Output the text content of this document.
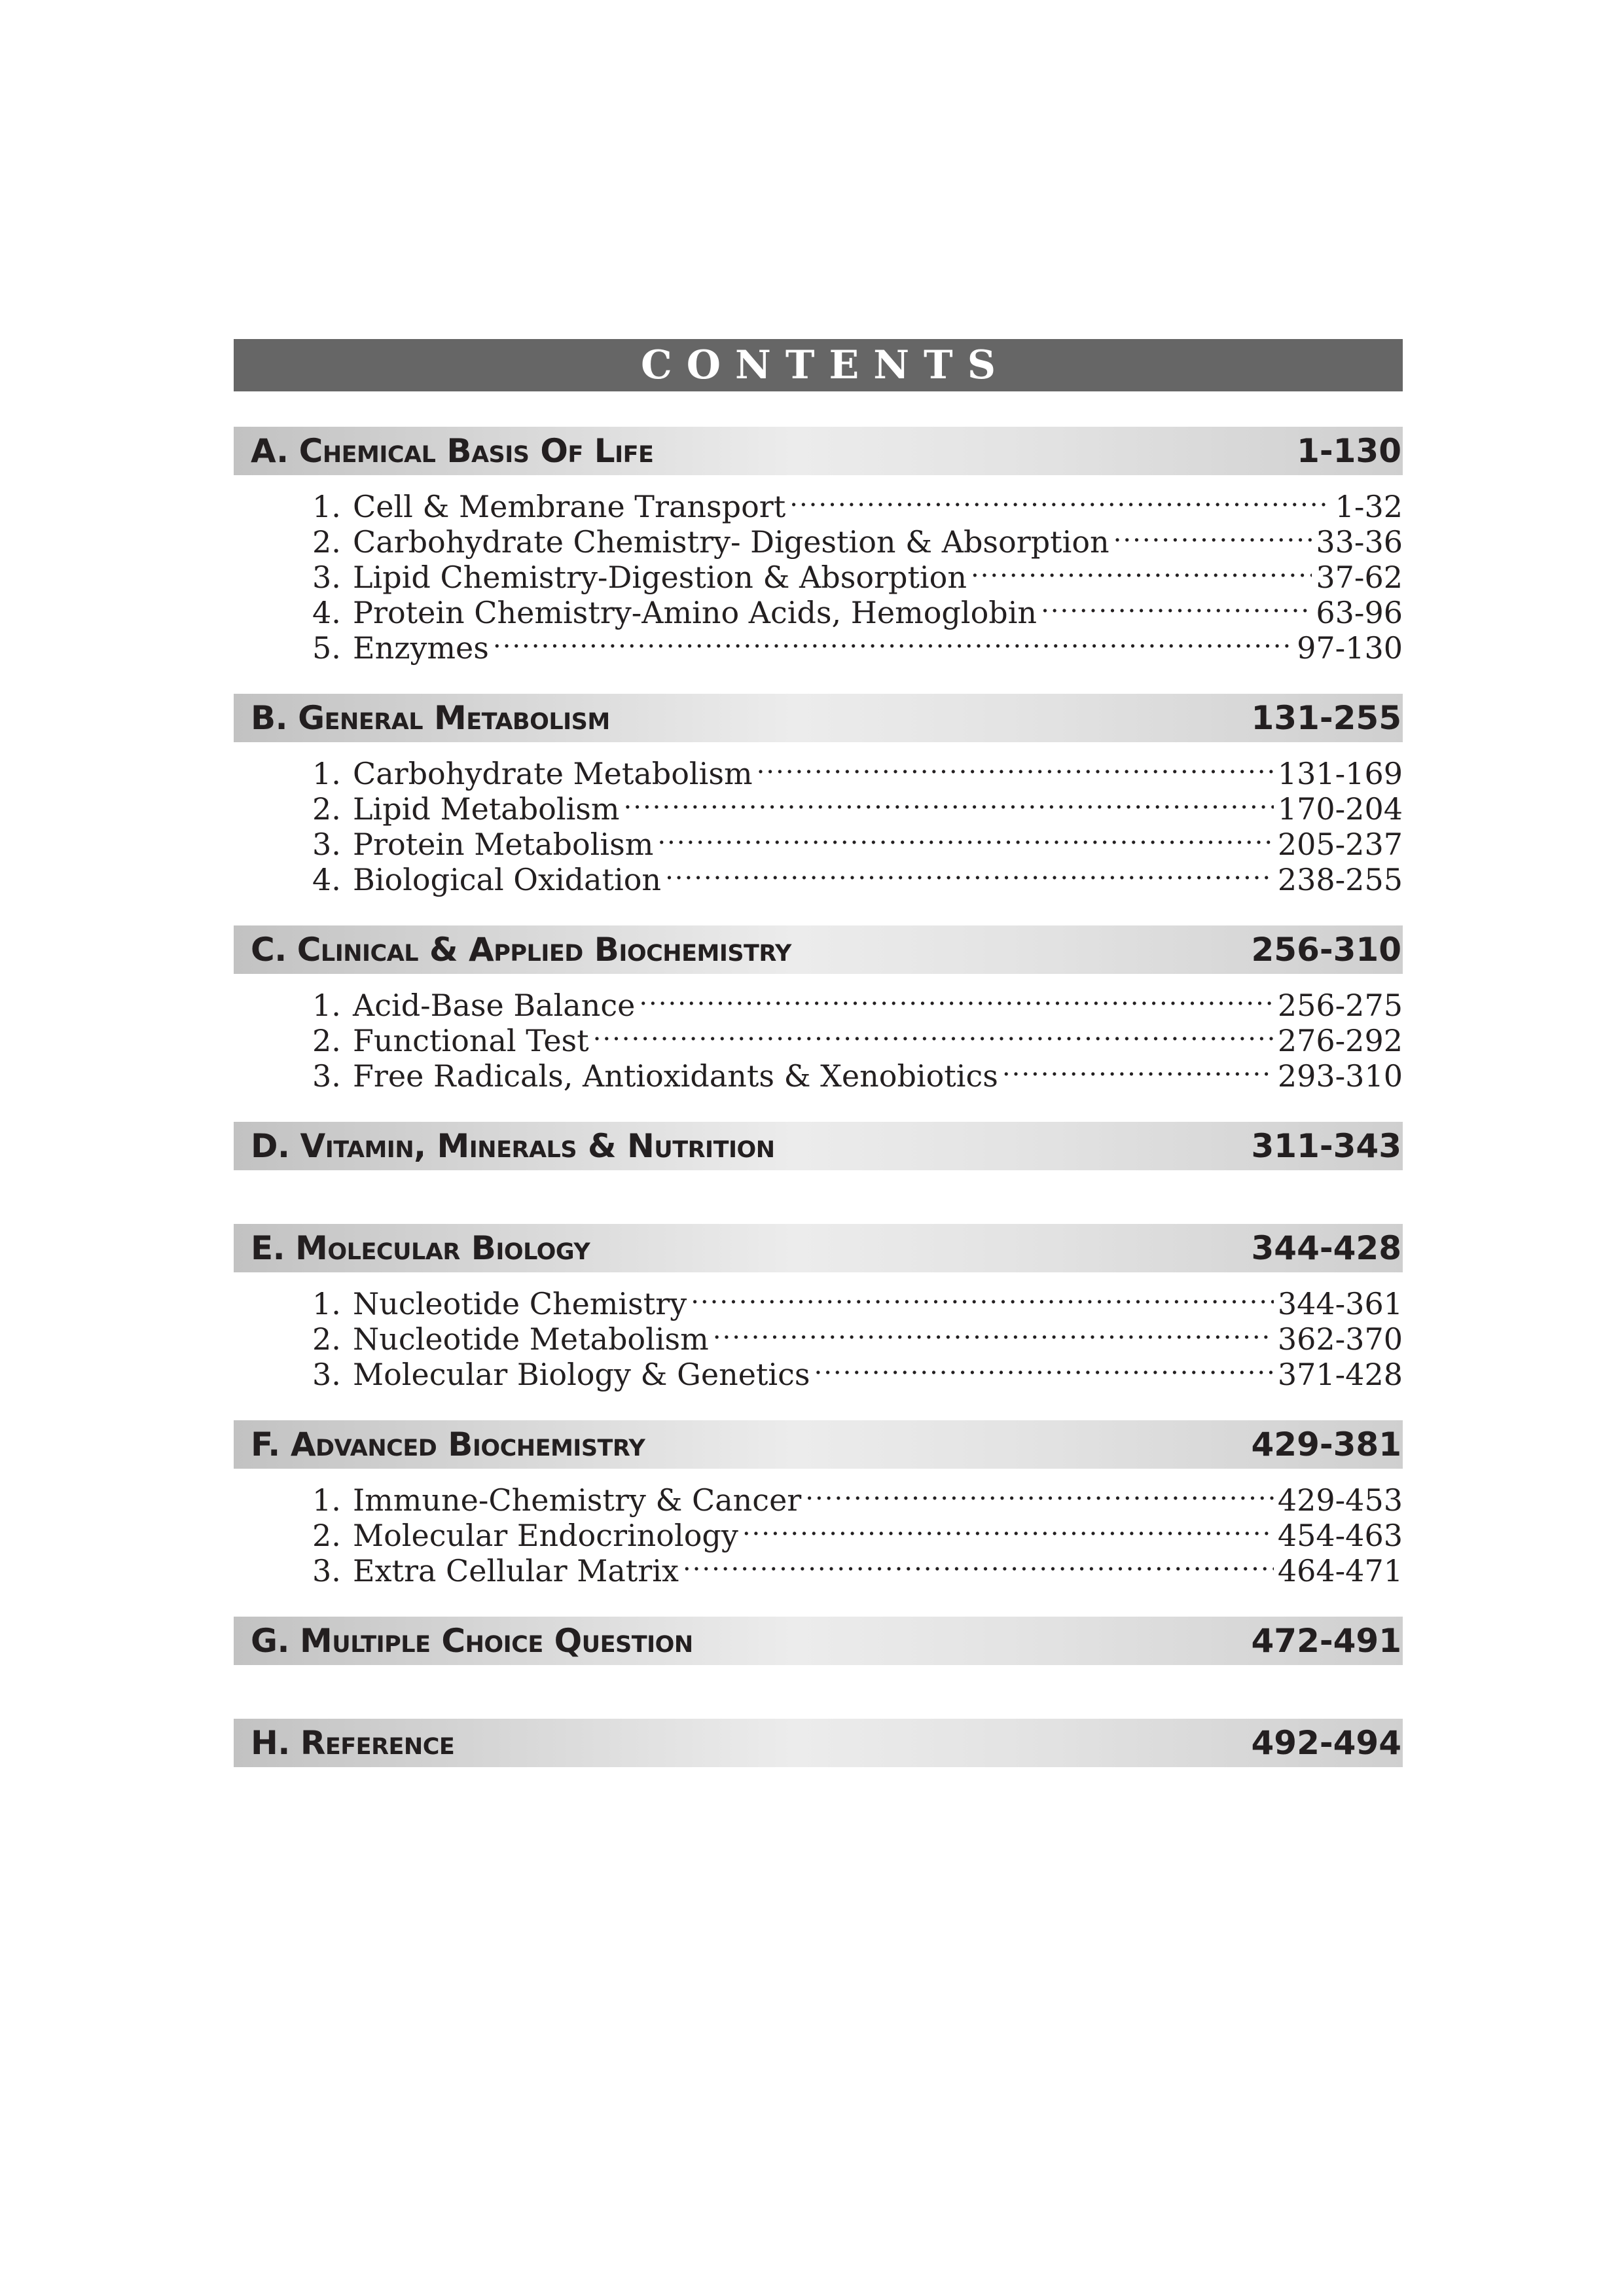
CONTENTS
A. Chemical Basis Of Life	1-130
1. Cell & Membrane Transport .....	1-32
2. Carbohydrate Chemistry- Digestion & Absorption .....	33-36
3. Lipid Chemistry-Digestion & Absorption .....	37-62
4. Protein Chemistry-Amino Acids, Hemoglobin .....	63-96
5. Enzymes .....	97-130
B. General Metabolism	131-255
1. Carbohydrate Metabolism .....	131-169
2. Lipid Metabolism .....	170-204
3. Protein Metabolism .....	205-237
4. Biological Oxidation .....	238-255
C. Clinical & Applied Biochemistry	256-310
1. Acid-Base Balance .....	256-275
2. Functional Test .....	276-292
3. Free Radicals, Antioxidants & Xenobiotics .....	293-310
D. Vitamin, Minerals & Nutrition	311-343
E. Molecular Biology	344-428
1. Nucleotide Chemistry .....	344-361
2. Nucleotide Metabolism .....	362-370
3. Molecular Biology & Genetics .....	371-428
F. Advanced Biochemistry	429-381
1. Immune-Chemistry & Cancer .....	429-453
2. Molecular Endocrinology .....	454-463
3. Extra Cellular Matrix .....	464-471
G. Multiple Choice Question	472-491
H. Reference	492-494
